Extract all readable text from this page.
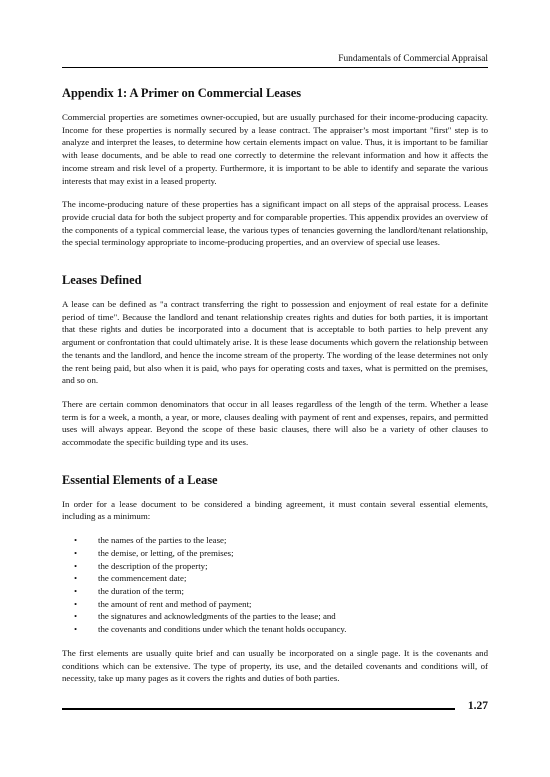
Fundamentals of Commercial Appraisal
Appendix 1: A Primer on Commercial Leases

Commercial properties are sometimes owner-occupied, but are usually purchased for their income-producing capacity. Income for these properties is normally secured by a lease contract. The appraiser’s most important "first" step is to analyze and interpret the leases, to determine how certain elements impact on value. Thus, it is important to be familiar with lease documents, and be able to read one correctly to determine the relevant information and how it affects the income stream and risk level of a property. Furthermore, it is important to be able to identify and separate the various interests that may exist in a leased property.

The income-producing nature of these properties has a significant impact on all steps of the appraisal process. Leases provide crucial data for both the subject property and for comparable properties. This appendix provides an overview of the components of a typical commercial lease, the various types of tenancies governing the landlord/tenant relationship, the special terminology appropriate to income-producing properties, and an overview of special use leases.

Leases Defined

A lease can be defined as "a contract transferring the right to possession and enjoyment of real estate for a definite period of time". Because the landlord and tenant relationship creates rights and duties for both parties, it is important that these rights and duties be incorporated into a document that is acceptable to both parties to help prevent any argument or confrontation that could ultimately arise. It is these lease documents which govern the relationship between the tenants and the landlord, and hence the income stream of the property. The wording of the lease determines not only the rent being paid, but also when it is paid, who pays for operating costs and taxes, what is permitted on the premises, and so on.

There are certain common denominators that occur in all leases regardless of the length of the term. Whether a lease term is for a week, a month, a year, or more, clauses dealing with payment of rent and expenses, repairs, and permitted uses will always appear. Beyond the scope of these basic clauses, there will also be a variety of other clauses to accommodate the specific building type and its uses.

Essential Elements of a Lease

In order for a lease document to be considered a binding agreement, it must contain several essential elements, including as a minimum:

• the names of the parties to the lease;
• the demise, or letting, of the premises;
• the description of the property;
• the commencement date;
• the duration of the term;
• the amount of rent and method of payment;
• the signatures and acknowledgments of the parties to the lease; and
• the covenants and conditions under which the tenant holds occupancy.

The first elements are usually quite brief and can usually be incorporated on a single page. It is the covenants and conditions which can be extensive. The type of property, its use, and the detailed covenants and conditions will, of necessity, take up many pages as it covers the rights and duties of both parties.

1.27
